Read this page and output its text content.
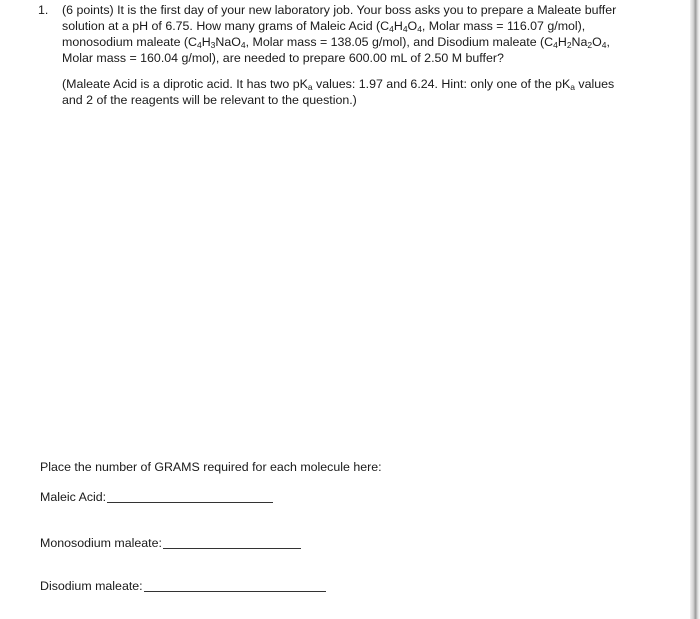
1. (6 points) It is the first day of your new laboratory job. Your boss asks you to prepare a Maleate buffer
solution at a pH of 6.75. How many grams of Maleic Acid ($C_4H_4O_4$, Molar mass = 116.07 g/mol),
monosodium maleate ($C_4H_3NaO_4$, Molar mass = 138.05 g/mol), and Disodium maleate ($C_4H_2Na_2O_4$,
Molar mass = 160.04 g/mol), are needed to prepare 600.00 mL of 2.50 M buffer?
(Maleate Acid is a diprotic acid. It has two $pK_a$ values: 1.97 and 6.24. Hint: only one of the $pK_a$ values
and 2 of the reagents will be relevant to the question.)
Place the number of GRAMS required for each molecule here:
Maleic Acid:
Monosodium maleate:
Disodium maleate:
